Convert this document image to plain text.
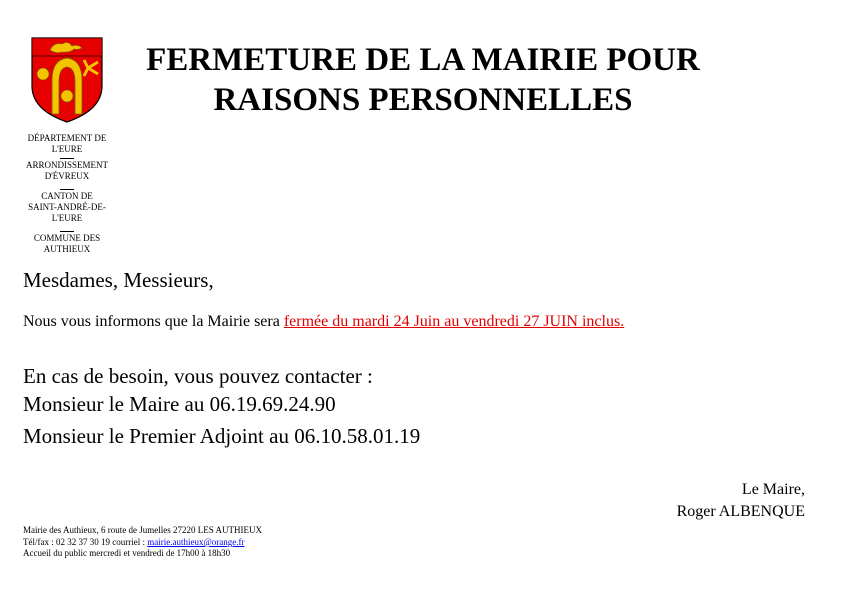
FERMETURE DE LA MAIRIE POUR
RAISONS PERSONNELLES
DÉPARTEMENT DE
L'EURE
ARRONDISSEMENT
D'ÉVREUX
CANTON DE
SAINT-ANDRÉ-DE-
L'EURE
COMMUNE DES
AUTHIEUX
Mesdames, Messieurs,
Nous vous informons que la Mairie sera fermée du mardi 24 Juin au vendredi 27 JUIN inclus.
En cas de besoin, vous pouvez contacter :
Monsieur le Maire au 06.19.69.24.90
Monsieur le Premier Adjoint au 06.10.58.01.19
Le Maire,
Roger ALBENQUE
Mairie des Authieux, 6 route de Jumelles 27220 LES AUTHIEUX
Tél/fax : 02 32 37 30 19 courriel : mairie.authieux@orange.fr
Accueil du public mercredi et vendredi de 17h00 à 18h30
